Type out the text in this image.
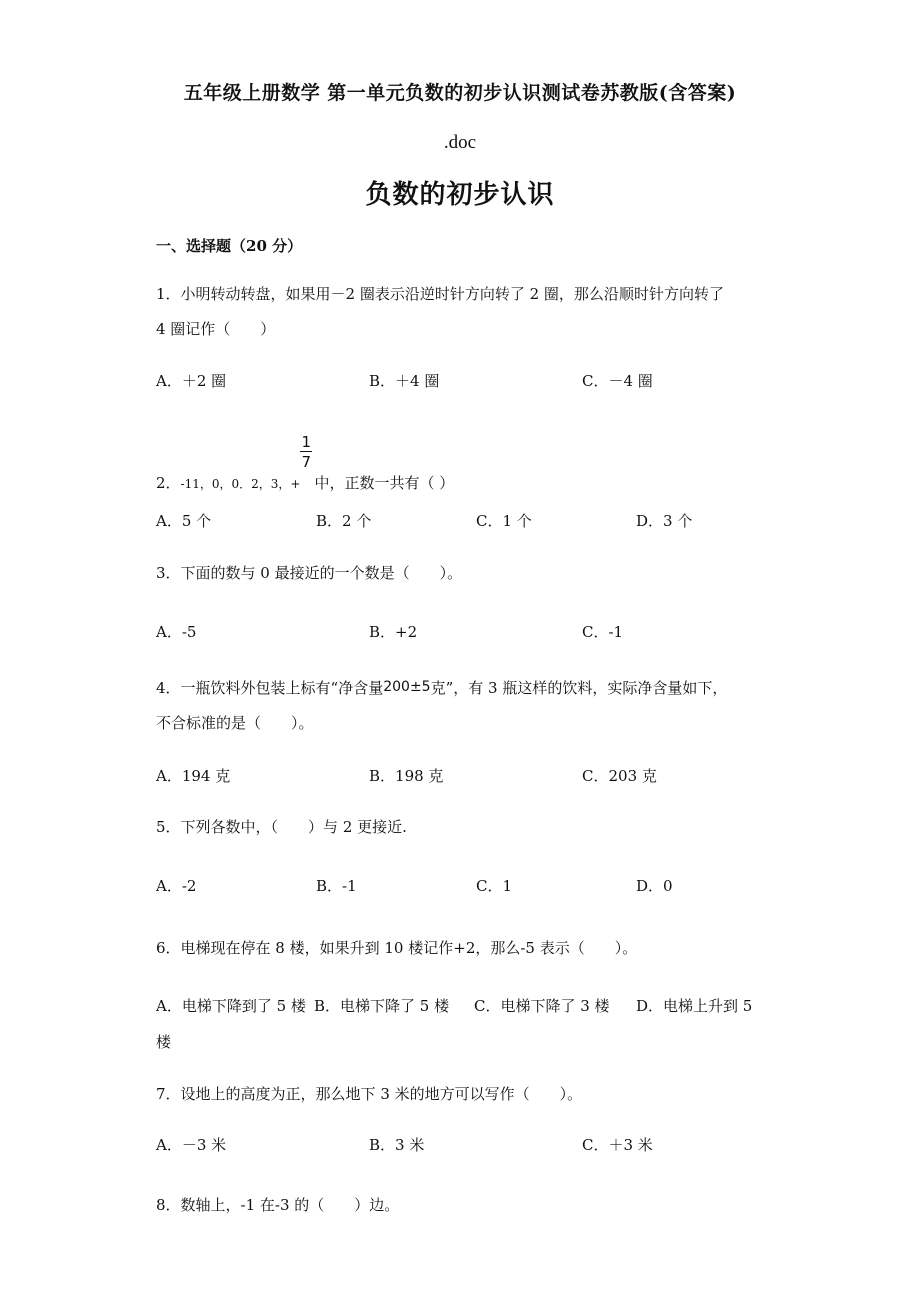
五年级上册数学 第一单元负数的初步认识测试卷苏教版(含答案)
.doc
负数的初步认识
一、选择题（20 分）
1．小明转动转盘，如果用－2 圈表示沿逆时针方向转了 2 圈，那么沿顺时针方向转了
4 圈记作（　　）
A．＋2 圈	B．＋4 圈	C．－4 圈
2．-11，0，0．2，3，+ $\frac{1}{7}$ 中，正数一共有（ ）
A．5 个	B．2 个	C．1 个	D．3 个
3．下面的数与 0 最接近的一个数是（　　）。
A．-5	B．+2	C．-1
4．一瓶饮料外包装上标有“净含量200±5克”，有 3 瓶这样的饮料，实际净含量如下，
不合标准的是（　　）。
A．194 克	B．198 克	C．203 克
5．下列各数中，（　　）与 2 更接近.
A．-2	B．-1	C．1	D．0
6．电梯现在停在 8 楼，如果升到 10 楼记作+2，那么-5 表示（　　）。
A．电梯下降到了 5 楼 B．电梯下降了 5 楼 C．电梯下降了 3 楼 D．电梯上升到 5
楼
7．设地上的高度为正，那么地下 3 米的地方可以写作（　　）。
A．－3 米	B．3 米	C．＋3 米
8．数轴上，-1 在-3 的（　　）边。
